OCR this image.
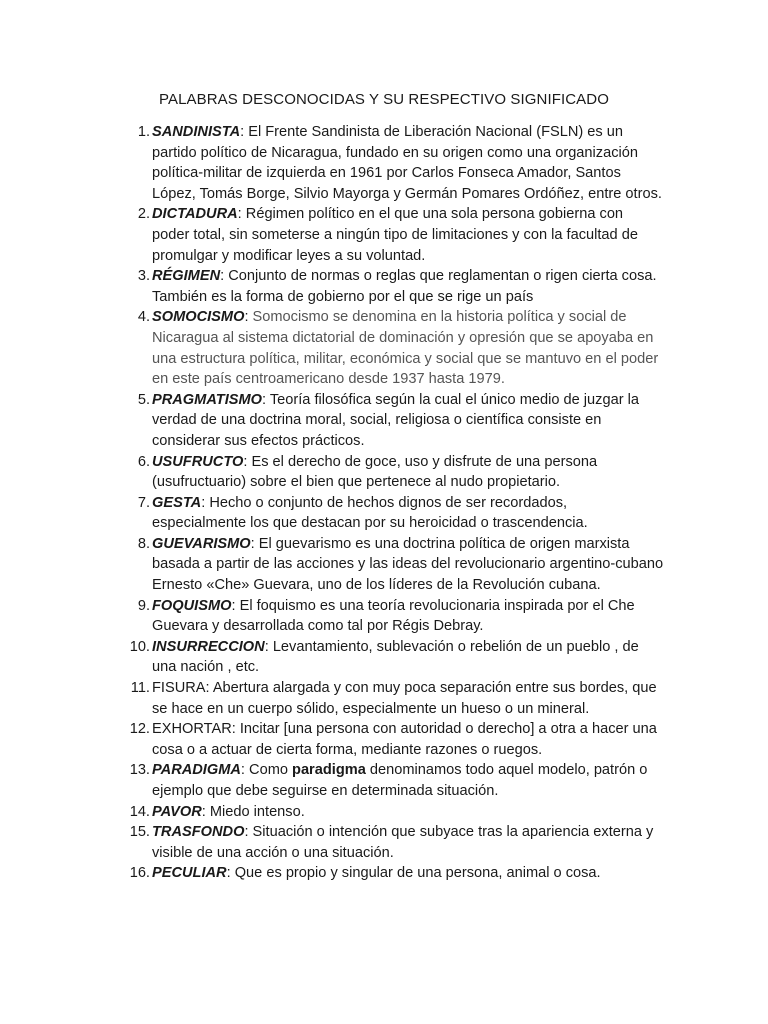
PALABRAS DESCONOCIDAS Y SU RESPECTIVO SIGNIFICADO
1. SANDINISTA: El Frente Sandinista de Liberación Nacional (FSLN) es un partido político de Nicaragua, fundado en su origen como una organización política-militar de izquierda en 1961 por Carlos Fonseca Amador, Santos López, Tomás Borge, Silvio Mayorga y Germán Pomares Ordóñez, entre otros.
2. DICTADURA: Régimen político en el que una sola persona gobierna con poder total, sin someterse a ningún tipo de limitaciones y con la facultad de promulgar y modificar leyes a su voluntad.
3. RÉGIMEN: Conjunto de normas o reglas que reglamentan o rigen cierta cosa. También es la forma de gobierno por el que se rige un país
4. SOMOCISMO: Somocismo se denomina en la historia política y social de Nicaragua al sistema dictatorial de dominación y opresión que se apoyaba en una estructura política, militar, económica y social que se mantuvo en el poder en este país centroamericano desde 1937 hasta 1979.
5. PRAGMATISMO: Teoría filosófica según la cual el único medio de juzgar la verdad de una doctrina moral, social, religiosa o científica consiste en considerar sus efectos prácticos.
6. USUFRUCTO: Es el derecho de goce, uso y disfrute de una persona (usufructuario) sobre el bien que pertenece al nudo propietario.
7. GESTA: Hecho o conjunto de hechos dignos de ser recordados, especialmente los que destacan por su heroicidad o trascendencia.
8. GUEVARISMO: El guevarismo es una doctrina política de origen marxista basada a partir de las acciones y las ideas del revolucionario argentino-cubano Ernesto «Che» Guevara, uno de los líderes de la Revolución cubana.
9. FOQUISMO: El foquismo es una teoría revolucionaria inspirada por el Che Guevara y desarrollada como tal por Régis Debray.
10. INSURRECCION: Levantamiento, sublevación o rebelión de un pueblo , de una nación , etc.
11. FISURA: Abertura alargada y con muy poca separación entre sus bordes, que se hace en un cuerpo sólido, especialmente un hueso o un mineral.
12. EXHORTAR: Incitar [una persona con autoridad o derecho] a otra a hacer una cosa o a actuar de cierta forma, mediante razones o ruegos.
13. PARADIGMA: Como paradigma denominamos todo aquel modelo, patrón o ejemplo que debe seguirse en determinada situación.
14. PAVOR: Miedo intenso.
15. TRASFONDO: Situación o intención que subyace tras la apariencia externa y visible de una acción o una situación.
16. PECULIAR: Que es propio y singular de una persona, animal o cosa.
